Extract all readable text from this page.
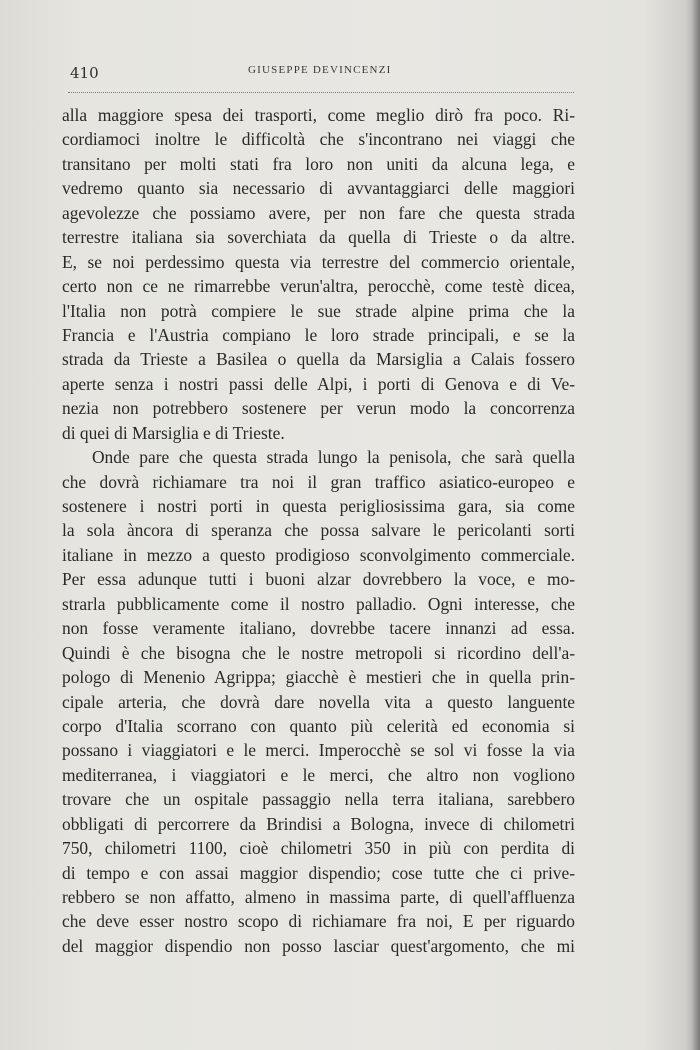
410	GIUSEPPE DEVINCENZI
alla maggiore spesa dei trasporti, come meglio dirò fra poco. Ri-
cordiamoci inoltre le difficoltà che s'incontrano nei viaggi che
transitano per molti stati fra loro non uniti da alcuna lega, e
vedremo quanto sia necessario di avvantaggiarci delle maggiori
agevolezze che possiamo avere, per non fare che questa strada
terrestre italiana sia soverchiata da quella di Trieste o da altre.
E, se noi perdessimo questa via terrestre del commercio orientale,
certo non ce ne rimarrebbe verun'altra, perocchè, come testè dicea,
l'Italia non potrà compiere le sue strade alpine prima che la
Francia e l'Austria compiano le loro strade principali, e se la
strada da Trieste a Basilea o quella da Marsiglia a Calais fossero
aperte senza i nostri passi delle Alpi, i porti di Genova e di Ve-
nezia non potrebbero sostenere per verun modo la concorrenza
di quei di Marsiglia e di Trieste.
Onde pare che questa strada lungo la penisola, che sarà quella
che dovrà richiamare tra noi il gran traffico asiatico-europeo e
sostenere i nostri porti in questa perigliosissima gara, sia come
la sola àncora di speranza che possa salvare le pericolanti sorti
italiane in mezzo a questo prodigioso sconvolgimento commerciale.
Per essa adunque tutti i buoni alzar dovrebbero la voce, e mo-
strarla pubblicamente come il nostro palladio. Ogni interesse, che
non fosse veramente italiano, dovrebbe tacere innanzi ad essa.
Quindi è che bisogna che le nostre metropoli si ricordino dell'a-
pologo di Menenio Agrippa; giacchè è mestieri che in quella prin-
cipale arteria, che dovrà dare novella vita a questo languente
corpo d'Italia scorrano con quanto più celerità ed economia si
possano i viaggiatori e le merci. Imperocchè se sol vi fosse la via
mediterranea, i viaggiatori e le merci, che altro non vogliono
trovare che un ospitale passaggio nella terra italiana, sarebbero
obbligati di percorrere da Brindisi a Bologna, invece di chilometri
750, chilometri 1100, cioè chilometri 350 in più con perdita di
di tempo e con assai maggior dispendio; cose tutte che ci prive-
rebbero se non affatto, almeno in massima parte, di quell'affluenza
che deve esser nostro scopo di richiamare fra noi, E per riguardo
del maggior dispendio non posso lasciar quest'argomento, che mi
